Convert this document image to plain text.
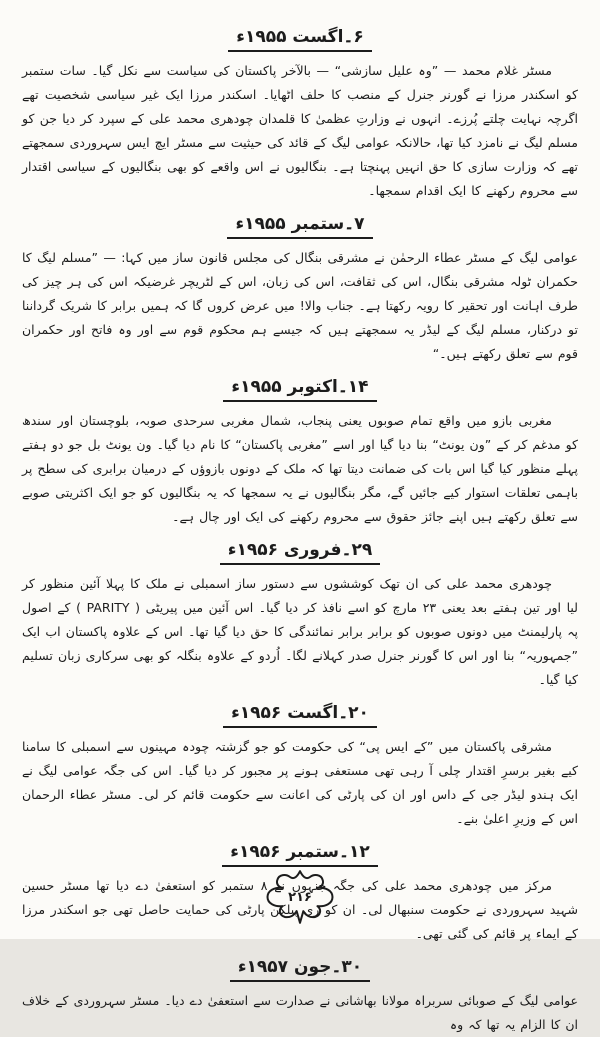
۶۔اگست ۱۹۵۵ء

مسٹر غلام محمد — ”وہ علیل سازشی“ — بالآخر پاکستان کی سیاست سے نکل گیا۔ سات ستمبر کو اسکندر مرزا نے گورنر جنرل کے منصب کا حلف اٹھایا۔ اسکندر مرزا ایک غیر سیاسی شخصیت تھے اگرچہ نہایت چلتے پُرزے۔ انہوں نے وزارتِ عظمیٰ کا قلمدان چودھری محمد علی کے سپرد کر دیا جن کو مسلم لیگ نے نامزد کیا تھا، حالانکہ عوامی لیگ کے قائد کی حیثیت سے مسٹر ایچ ایس سہروردی سمجھتے تھے کہ وزارت سازی کا حق انہیں پہنچتا ہے۔ بنگالیوں نے اس واقعے کو بھی بنگالیوں کے سیاسی اقتدار سے محروم رکھنے کا ایک اقدام سمجھا۔

۷۔ستمبر ۱۹۵۵ء

عوامی لیگ کے مسٹر عطاء الرحمٰن نے مشرقی بنگال کی مجلس قانون ساز میں کہا: — ”مسلم لیگ کا حکمران ٹولہ مشرقی بنگال، اس کی ثقافت، اس کی زبان، اس کے لٹریچر غرضیکہ اس کی ہر چیز کی طرف اہانت اور تحقیر کا رویہ رکھتا ہے۔ جناب والا! میں عرض کروں گا کہ ہمیں برابر کا شریک گرداننا تو درکنار، مسلم لیگ کے لیڈر یہ سمجھتے ہیں کہ جیسے ہم محکوم قوم سے اور وہ فاتح اور حکمران قوم سے تعلق رکھتے ہیں۔“

۱۴۔اکتوبر ۱۹۵۵ء

مغربی بازو میں واقع تمام صوبوں یعنی پنجاب، شمال مغربی سرحدی صوبہ، بلوچستان اور سندھ کو مدغم کر کے ”ون یونٹ“ بنا دیا گیا اور اسے ”مغربی پاکستان“ کا نام دیا گیا۔ ون یونٹ بل جو دو ہفتے پہلے منظور کیا گیا اس بات کی ضمانت دیتا تھا کہ ملک کے دونوں بازوؤں کے درمیان برابری کی سطح پر باہمی تعلقات استوار کیے جائیں گے، مگر بنگالیوں نے یہ سمجھا کہ یہ بنگالیوں کو جو ایک اکثریتی صوبے سے تعلق رکھتے ہیں اپنے جائز حقوق سے محروم رکھنے کی ایک اور چال ہے۔

۲۹۔فروری ۱۹۵۶ء

چودھری محمد علی کی ان تھک کوششوں سے دستور ساز اسمبلی نے ملک کا پہلا آئین منظور کر لیا اور تین ہفتے بعد یعنی ۲۳ مارچ کو اسے نافذ کر دیا گیا۔ اس آئین میں پیریٹی ( PARITY ) کے اصول پہ پارلیمنٹ میں دونوں صوبوں کو برابر برابر نمائندگی کا حق دیا گیا تھا۔ اس کے علاوہ پاکستان اب ایک ”جمہوریہ“ بنا اور اس کا گورنر جنرل صدر کہلانے لگا۔ اُردو کے علاوہ بنگلہ کو بھی سرکاری زبان تسلیم کیا گیا۔

۲۰۔اگست ۱۹۵۶ء

مشرقی پاکستان میں ”کے ایس پی“ کی حکومت کو جو گزشتہ چودہ مہینوں سے اسمبلی کا سامنا کیے بغیر برسرِ اقتدار چلی آ رہی تھی مستعفی ہونے پر مجبور کر دیا گیا۔ اس کی جگہ عوامی لیگ نے ایک ہندو لیڈر جی کے داس اور ان کی پارٹی کی اعانت سے حکومت قائم کر لی۔ مسٹر عطاء الرحمان اس کے وزیرِ اعلیٰ بنے۔

۱۲۔ستمبر ۱۹۵۶ء

مرکز میں چودھری محمد علی کی جگہ جنہوں نے ۸ ستمبر کو استعفیٰ دے دیا تھا مسٹر حسین شہید سہروردی نے حکومت سنبھال لی۔ ان کو ری پبلکن پارٹی کی حمایت حاصل تھی جو اسکندر مرزا کے ایماء پر قائم کی گئی تھی۔

۳۰۔جون ۱۹۵۷ء

عوامی لیگ کے صوبائی سربراہ مولانا بھاشانی نے صدارت سے استعفیٰ دے دیا۔ مسٹر سہروردی کے خلاف ان کا الزام یہ تھا کہ وہ

۲۱۶
